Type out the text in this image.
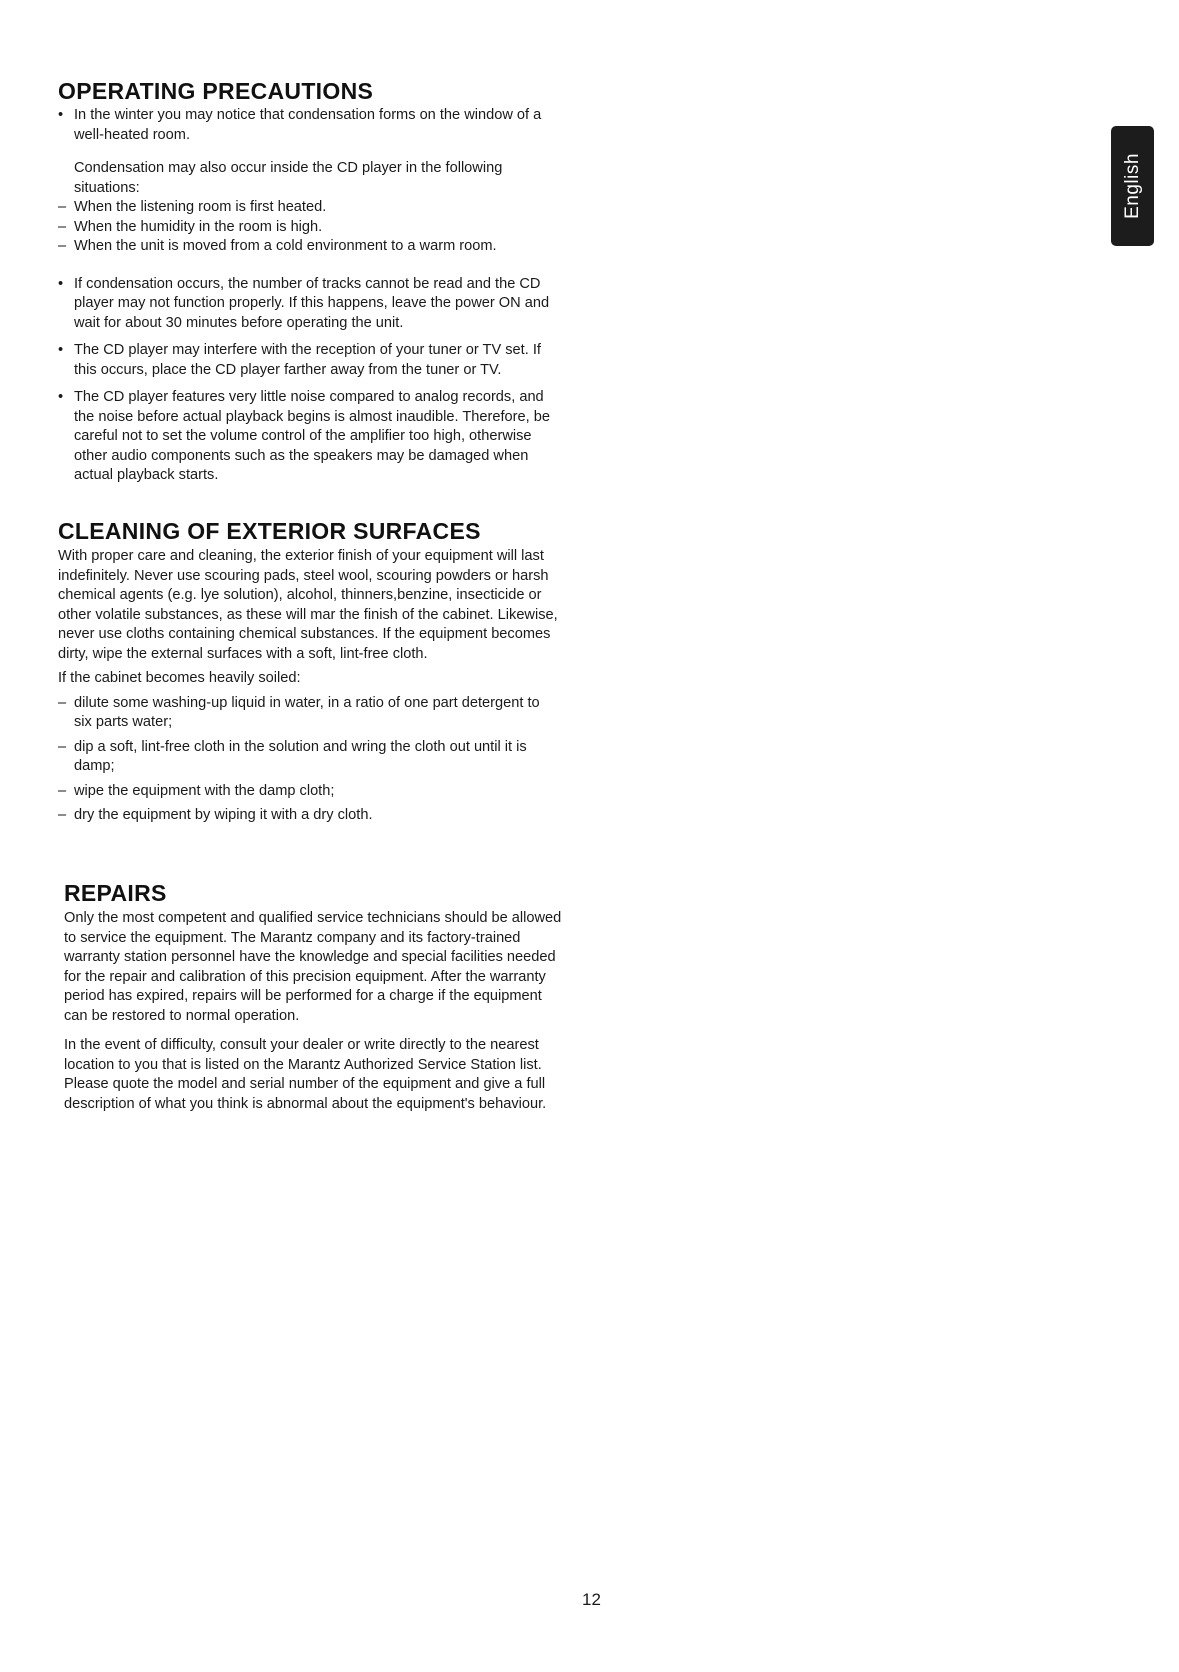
English
OPERATING PRECAUTIONS
• In the winter you may notice that condensation forms on the window of a well-heated room.

Condensation may also occur inside the CD player in the following situations:

– When the listening room is first heated.
– When the humidity in the room is high.
– When the unit is moved from a cold environment to a warm room.
• If condensation occurs, the number of tracks cannot be read and the CD player may not function properly. If this happens, leave the power ON and wait for about 30 minutes before operating the unit.
• The CD player may interfere with the reception of your tuner or TV set. If this occurs, place the CD player farther away from the tuner or TV.
• The CD player features very little noise compared to analog records, and the noise before actual playback begins is almost inaudible. Therefore, be careful not to set the volume control of the amplifier too high, otherwise other audio components such as the speakers may be damaged when actual playback starts.
CLEANING OF EXTERIOR SURFACES

With proper care and cleaning, the exterior finish of your equipment will last indefinitely. Never use scouring pads, steel wool, scouring powders or harsh chemical agents (e.g. lye solution), alcohol, thinners,benzine, insecticide or other volatile substances, as these will mar the finish of the cabinet. Likewise, never use cloths containing chemical substances. If the equipment becomes dirty, wipe the external surfaces with a soft, lint-free cloth.

If the cabinet becomes heavily soiled:

– dilute some washing-up liquid in water, in a ratio of one part detergent to six parts water;
– dip a soft, lint-free cloth in the solution and wring the cloth out until it is damp;
– wipe the equipment with the damp cloth;
– dry the equipment by wiping it with a dry cloth.
REPAIRS

Only the most competent and qualified service technicians should be allowed to service the equipment. The Marantz company and its factory-trained warranty station personnel have the knowledge and special facilities needed for the repair and calibration of this precision equipment. After the warranty period has expired, repairs will be performed for a charge if the equipment can be restored to normal operation.

In the event of difficulty, consult your dealer or write directly to the nearest location to you that is listed on the Marantz Authorized Service Station list. Please quote the model and serial number of the equipment and give a full description of what you think is abnormal about the equipment's behaviour.

12
